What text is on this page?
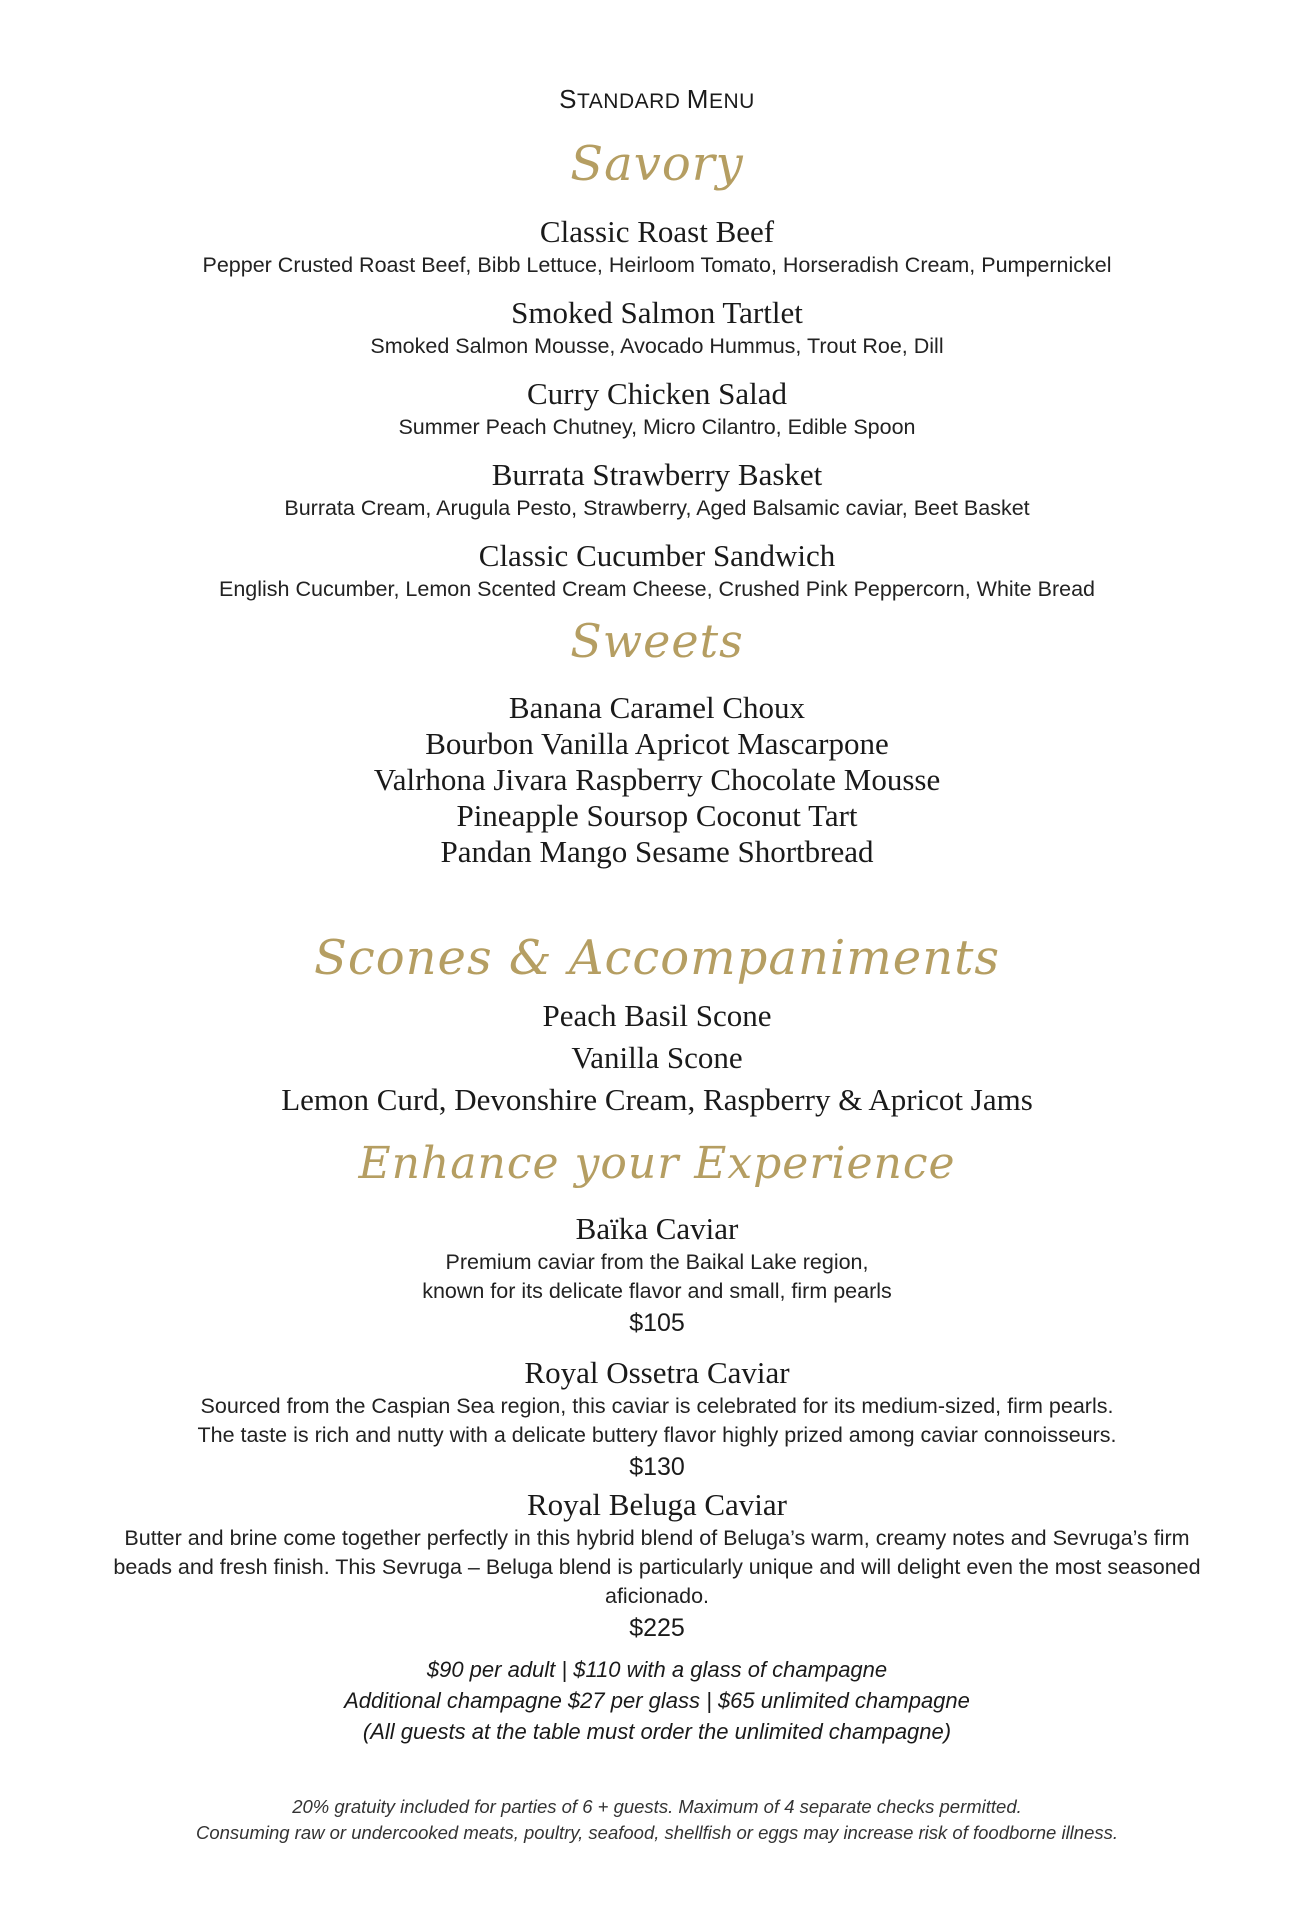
STANDARD MENU
Savory
Classic Roast Beef
Pepper Crusted Roast Beef, Bibb Lettuce, Heirloom Tomato, Horseradish Cream, Pumpernickel
Smoked Salmon Tartlet
Smoked Salmon Mousse, Avocado Hummus, Trout Roe, Dill
Curry Chicken Salad
Summer Peach Chutney, Micro Cilantro, Edible Spoon
Burrata Strawberry Basket
Burrata Cream, Arugula Pesto, Strawberry, Aged Balsamic caviar, Beet Basket
Classic Cucumber Sandwich
English Cucumber, Lemon Scented Cream Cheese, Crushed Pink Peppercorn, White Bread
Sweets
Banana Caramel Choux
Bourbon Vanilla Apricot Mascarpone
Valrhona Jivara Raspberry Chocolate Mousse
Pineapple Soursop Coconut Tart
Pandan Mango Sesame Shortbread
Scones & Accompaniments
Peach Basil Scone
Vanilla Scone
Lemon Curd, Devonshire Cream, Raspberry & Apricot Jams
Enhance your Experience
Baïka Caviar
Premium caviar from the Baikal Lake region,
known for its delicate flavor and small, firm pearls
$105
Royal Ossetra Caviar
Sourced from the Caspian Sea region, this caviar is celebrated for its medium-sized, firm pearls.
The taste is rich and nutty with a delicate buttery flavor highly prized among caviar connoisseurs.
$130
Royal Beluga Caviar
Butter and brine come together perfectly in this hybrid blend of Beluga’s warm, creamy notes and Sevruga’s firm
beads and fresh finish. This Sevruga – Beluga blend is particularly unique and will delight even the most seasoned
aficionado.
$225
$90 per adult | $110 with a glass of champagne
Additional champagne $27 per glass | $65 unlimited champagne
(All guests at the table must order the unlimited champagne)
20% gratuity included for parties of 6 + guests. Maximum of 4 separate checks permitted.
Consuming raw or undercooked meats, poultry, seafood, shellfish or eggs may increase risk of foodborne illness.
